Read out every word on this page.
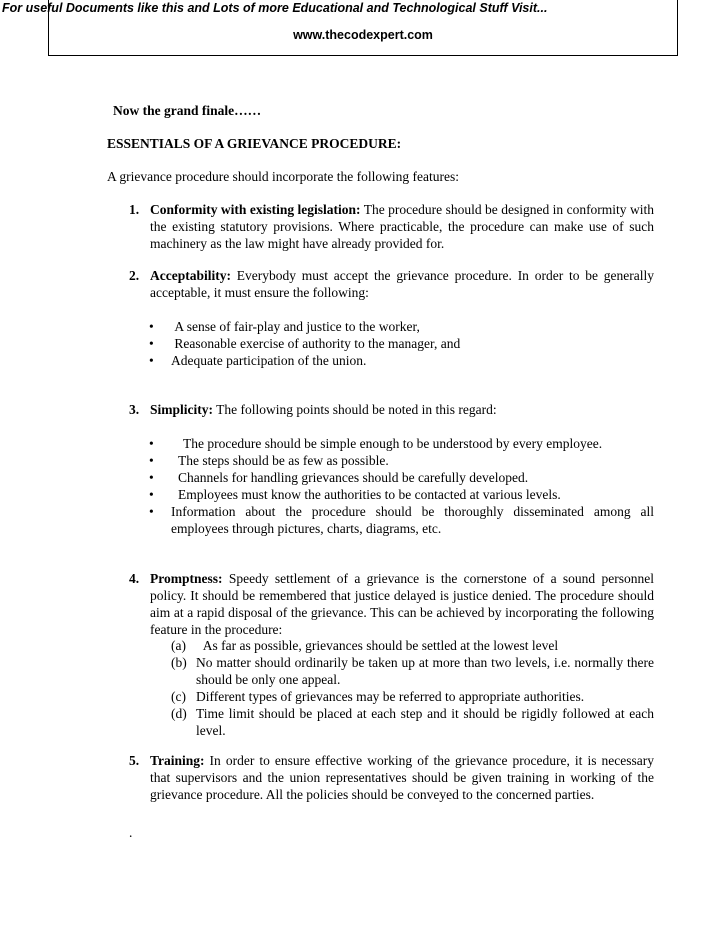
For useful Documents like this and Lots of more Educational and Technological Stuff Visit...
www.thecodexpert.com
Now the grand finale……
ESSENTIALS OF A GRIEVANCE PROCEDURE:
A grievance procedure should incorporate the following features:
1. Conformity with existing legislation: The procedure should be designed in conformity with the existing statutory provisions. Where practicable, the procedure can make use of such machinery as the law might have already provided for.
2. Acceptability: Everybody must accept the grievance procedure. In order to be generally acceptable, it must ensure the following:
• A sense of fair-play and justice to the worker,
• Reasonable exercise of authority to the manager, and
• Adequate participation of the union.
3. Simplicity: The following points should be noted in this regard:
• The procedure should be simple enough to be understood by every employee.
• The steps should be as few as possible.
• Channels for handling grievances should be carefully developed.
• Employees must know the authorities to be contacted at various levels.
• Information about the procedure should be thoroughly disseminated among all employees through pictures, charts, diagrams, etc.
4. Promptness: Speedy settlement of a grievance is the cornerstone of a sound personnel policy. It should be remembered that justice delayed is justice denied. The procedure should aim at a rapid disposal of the grievance. This can be achieved by incorporating the following feature in the procedure:
(a) As far as possible, grievances should be settled at the lowest level
(b) No matter should ordinarily be taken up at more than two levels, i.e. normally there should be only one appeal.
(c) Different types of grievances may be referred to appropriate authorities.
(d) Time limit should be placed at each step and it should be rigidly followed at each level.
5. Training: In order to ensure effective working of the grievance procedure, it is necessary that supervisors and the union representatives should be given training in working of the grievance procedure. All the policies should be conveyed to the concerned parties.
.
